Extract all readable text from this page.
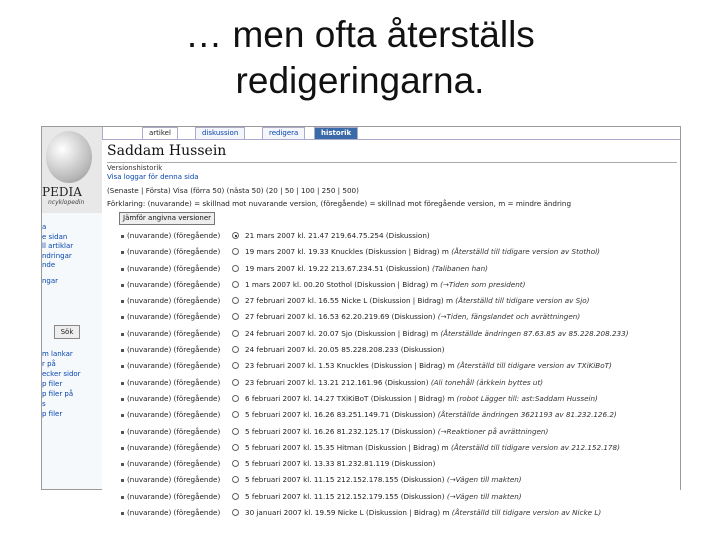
… men ofta återställs
redigeringarna.
PEDIA
ncyklopedin
a
e sidan
ll artiklar
ndringar
nde
ngar
Sök
m lankar
r på
ecker sidor
p filer
p filer på
s
p filer
artikel	diskussion	redigera	historik
Saddam Hussein
Versionshistorik
Visa loggar för denna sida
(Senaste | Första) Visa (förra 50) (nästa 50) (20 | 50 | 100 | 250 | 500)
Förklaring: (nuvarande) = skillnad mot nuvarande version, (föregående) = skillnad mot föregående version, m = mindre ändring
Jämför angivna versioner
(nuvarande) (föregående)	21 mars 2007 kl. 21.47 219.64.75.254 (Diskussion)
(nuvarande) (föregående)	19 mars 2007 kl. 19.33 Knuckles (Diskussion | Bidrag) m (Återställd till tidigare version av Stothol)
(nuvarande) (föregående)	19 mars 2007 kl. 19.22 213.67.234.51 (Diskussion) (Talibanen han)
(nuvarande) (föregående)	1 mars 2007 kl. 00.20 Stothol (Diskussion | Bidrag) m (→Tiden som president)
(nuvarande) (föregående)	27 februari 2007 kl. 16.55 Nicke L (Diskussion | Bidrag) m (Återställd till tidigare version av Sjo)
(nuvarande) (föregående)	27 februari 2007 kl. 16.53 62.20.219.69 (Diskussion) (→Tiden, fängslandet och avrättningen)
(nuvarande) (föregående)	24 februari 2007 kl. 20.07 Sjo (Diskussion | Bidrag) m (Återställde ändringen 87.63.85 av 85.228.208.233)
(nuvarande) (föregående)	24 februari 2007 kl. 20.05 85.228.208.233 (Diskussion)
(nuvarande) (föregående)	23 februari 2007 kl. 1.53 Knuckles (Diskussion | Bidrag) m (Återställd till tidigare version av TXiKiBoT)
(nuvarande) (föregående)	23 februari 2007 kl. 13.21 212.161.96 (Diskussion) (Ali tonehåll (ärkkein byttes ut)
(nuvarande) (föregående)	6 februari 2007 kl. 14.27 TXiKiBoT (Diskussion | Bidrag) m (robot Lägger till: ast:Saddam Hussein)
(nuvarande) (föregående)	5 februari 2007 kl. 16.26 83.251.149.71 (Diskussion) (Återställde ändringen 3621193 av 81.232.126.2)
(nuvarande) (föregående)	5 februari 2007 kl. 16.26 81.232.125.17 (Diskussion) (→Reaktioner på avrättningen)
(nuvarande) (föregående)	5 februari 2007 kl. 15.35 Hitman (Diskussion | Bidrag) m (Återställd till tidigare version av 212.152.178)
(nuvarande) (föregående)	5 februari 2007 kl. 13.33 81.232.81.119 (Diskussion)
(nuvarande) (föregående)	5 februari 2007 kl. 11.15 212.152.178.155 (Diskussion) (→Vägen till makten)
(nuvarande) (föregående)	5 februari 2007 kl. 11.15 212.152.179.155 (Diskussion) (→Vägen till makten)
(nuvarande) (föregående)	30 januari 2007 kl. 19.59 Nicke L (Diskussion | Bidrag) m (Återställd till tidigare version av Nicke L)
